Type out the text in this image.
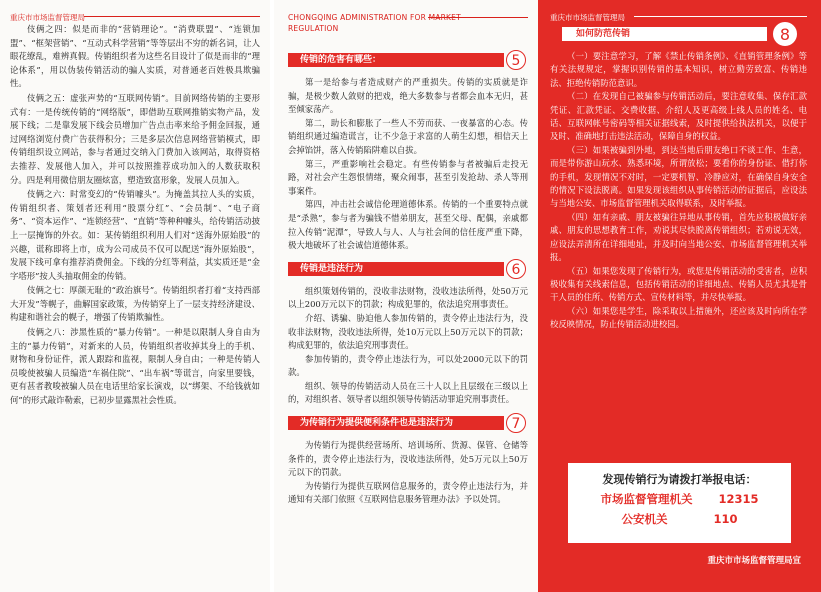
重庆市市场监督管理局

伎俩之四：似是而非的“营销理论”。“消费联盟”、“连锁加盟”、“框架营销”、“互动式科学营销”等等层出不穷的新名词，让人眼花缭乱，难辨真假。传销组织者为这些名目设计了似是而非的“理论体系”，用以伪装传销活动的骗人实质，对普通老百姓极具欺骗性。

伎俩之五：虚张声势的“互联网传销”。目前网络传销的主要形式有：一是传统传销的“网络版”，即借助互联网推销实物产品，发展下线；二是靠发展下线会员增加广告点击率来给予佣金回报，通过网络浏览付费广告获得积分；三是多层次信息网络营销模式，即传销组织设立网站，参与者通过交纳入门费加入该网站，取得资格去推荐、发展他人加入，并可以按照推荐成功加入的人数获取积分。四是利用微信朋友圈炫富，塑造致富形象，发展人员加入。

伎俩之六：时常变幻的“传销噱头”。为掩盖其拉人头的实质，传销组织者、策划者还利用“股票分红”、“会员制”、“电子商务”、“资本运作”、“连锁经营”、“直销”等种种噱头，给传销活动披上一层掩饰的外衣。如：某传销组织利用人们对“送海外原始股”的兴趣，谎称即将上市，成为公司成员不仅可以配送“海外原始股”，发展下线可拿有推荐消费佣金。下线的分红等利益，其实质还是“金字塔形”按人头抽取佣金的传销。

伎俩之七：厚颜无耻的“政治旗号”。传销组织者打着“支持西部大开发”等幌子，曲解国家政策，为传销穿上了一层支持经济建设、构建和谐社会的幌子，增强了传销欺骗性。

伎俩之八：涉黑性质的“暴力传销”。一种是以限制人身自由为主的“暴力传销”，对新来的人员，传销组织者收掉其身上的手机、财物和身份证件，派人跟踪和监视，限制人身自由；一种是传销人员唆使被骗人员编造“车祸住院”、“出车祸”等谎言，向家里要钱，更有甚者教唆被骗人员在电话里给家长演戏，以“绑架、不给钱就如何”的形式敲诈勒索，已初步显露黑社会性质。

CHONGQING ADMINISTRATION FOR MARKET
REGULATION
传销的危害有哪些：	5

第一是给参与者造成财产的严重损失。传销的实质就是诈骗，是极少数人敛财的把戏，绝大多数参与者都会血本无归，甚至倾家荡产。

第二，助长和膨胀了一些人不劳而获、一夜暴富的心态。传销组织通过编造谎言，让不少急于求富的人萌生幻想，相信天上会掉馅饼，落入传销陷阱难以自拔。

第三，严重影响社会稳定。有些传销参与者被骗后走投无路，对社会产生怨恨情绪，聚众闹事，甚至引发抢劫、杀人等刑事案件。

第四，冲击社会诚信伦理道德体系。传销的一个重要特点就是“杀熟”，参与者为骗钱不惜弟朋友，甚至父母、配偶，亲戚都拉入传销“泥潭”，导致人与人、人与社会间的信任度严重下降，极大地破坏了社会诚信道德体系。

传销是违法行为	6

组织策划传销的，没收非法财物，没收违法所得，处50万元以上200万元以下的罚款；构成犯罪的，依法追究刑事责任。

介绍、诱骗、胁迫他人参加传销的，责令停止违法行为，没收非法财物，没收违法所得，处10万元以上50万元以下的罚款；构成犯罪的，依法追究刑事责任。

参加传销的，责令停止违法行为，可以处2000元以下的罚款。

组织、领导的传销活动人员在三十人以上且层级在三级以上的，对组织者、领导者以组织领导传销活动罪追究刑事责任。

为传销行为提供便利条件也是违法行为	7

为传销行为提供经营场所、培训场所、货源、保管、仓储等条件的，责令停止违法行为，没收违法所得，处5万元以上50万元以下的罚款。

为传销行为提供互联网信息服务的，责令停止违法行为，并通知有关部门依照《互联网信息服务管理办法》予以处罚。

重庆市市场监督管理局
如何防范传销	8

（一）要注意学习，了解《禁止传销条例》、《直销管理条例》等有关法规规定，掌握识别传销的基本知识，树立勤劳致富、传销违法、拒绝传销防范意识。

（二）在发现自己被骗参与传销活动后，要注意收集、保存汇款凭证、汇款凭证、交费收据、介绍人及更高级上线人员的姓名、电话、互联网帐号密码等相关证据线索，及时提供给执法机关，以便于及时、准确地打击违法活动，保障自身的权益。

（三）如果被骗到外地，到达当地后朋友绝口不谈工作、生意，而是带你游山玩水、熟悉环境，所谓放松；要看你的身份证、借打你的手机，发现情况不对时，一定要机智、冷静应对，在确保自身安全的情况下设法脱离。如果发现该组织从事传销活动的证据后，应设法与当地公安、市场监督管理机关取得联系，及时举报。

（四）如有亲戚、朋友被骗往异地从事传销，首先应积极做好亲戚、朋友的思想教育工作，劝说其尽快脱离传销组织；若劝说无效，应设法弄清所在详细地址，并及时向当地公安、市场监督管理机关举报。

（五）如果您发现了传销行为，或您是传销活动的受害者，应积极收集有关线索信息，包括传销活动的详细地点、传销人员尤其是骨干人员的住所、传销方式、宣传材料等，并尽快举报。

（六）如果您是学生，除采取以上措施外，还应该及时向所在学校反映情况，防止传销活动进校园。

发现传销行为请拨打举报电话：
市场监督管理机关 12315
公安机关	110
重庆市市场监督管理局宣
